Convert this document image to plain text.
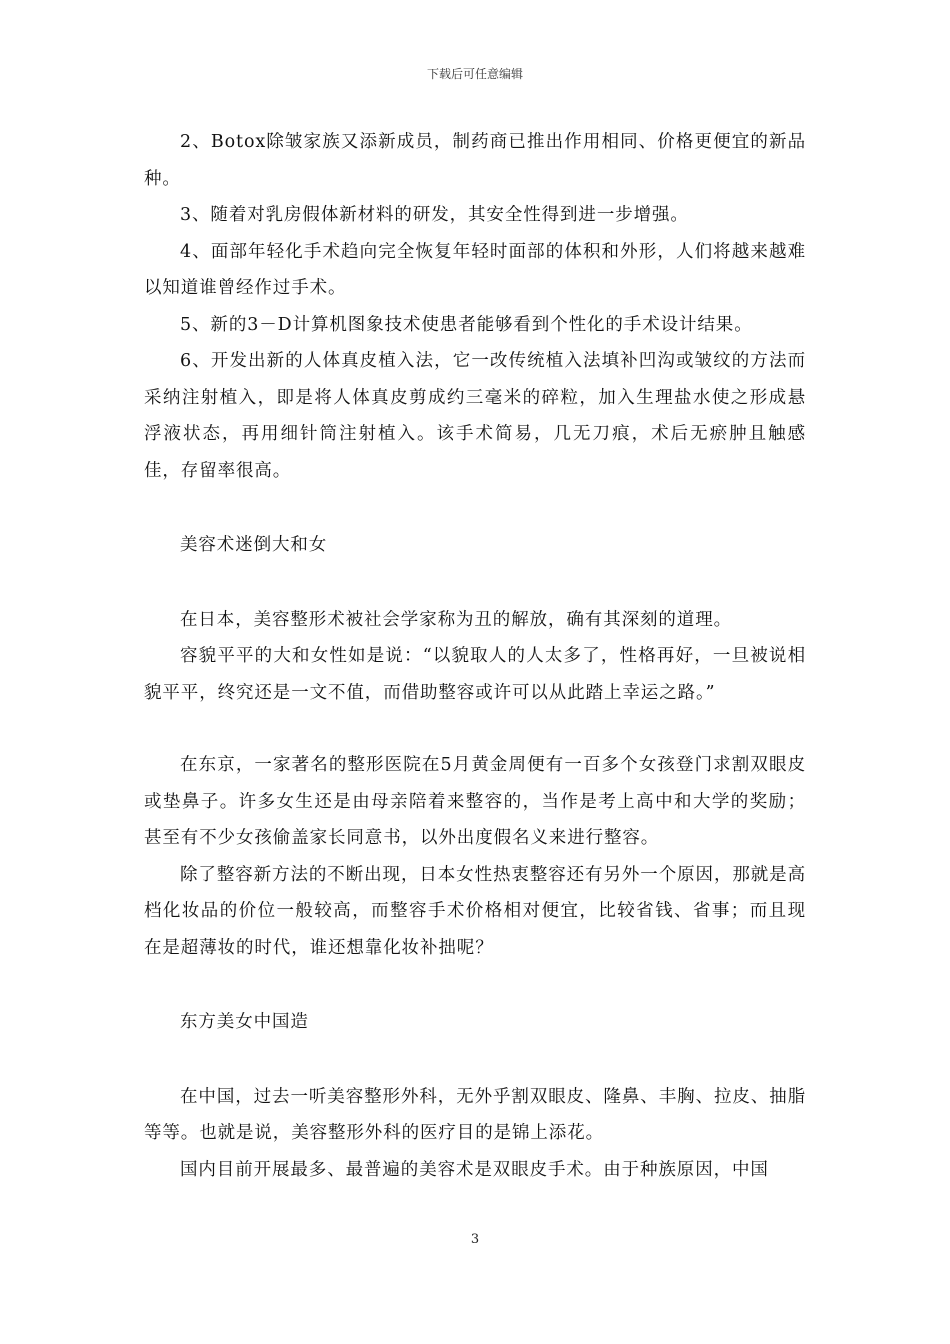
下载后可任意编辑

2、Botox除皱家族又添新成员，制药商已推出作用相同、价格更便宜的新品种。

3、随着对乳房假体新材料的研发，其安全性得到进一步增强。

4、面部年轻化手术趋向完全恢复年轻时面部的体积和外形，人们将越来越难以知道谁曾经作过手术。

5、新的3－D计算机图象技术使患者能够看到个性化的手术设计结果。

6、开发出新的人体真皮植入法，它一改传统植入法填补凹沟或皱纹的方法而采纳注射植入，即是将人体真皮剪成约三毫米的碎粒，加入生理盐水使之形成悬浮液状态，再用细针筒注射植入。该手术简易，几无刀痕，术后无瘀肿且触感佳，存留率很高。

美容术迷倒大和女

在日本，美容整形术被社会学家称为丑的解放，确有其深刻的道理。

容貌平平的大和女性如是说：“以貌取人的人太多了，性格再好，一旦被说相貌平平，终究还是一文不值，而借助整容或许可以从此踏上幸运之路。”

在东京，一家著名的整形医院在5月黄金周便有一百多个女孩登门求割双眼皮或垫鼻子。许多女生还是由母亲陪着来整容的，当作是考上高中和大学的奖励；甚至有不少女孩偷盖家长同意书，以外出度假名义来进行整容。

除了整容新方法的不断出现，日本女性热衷整容还有另外一个原因，那就是高档化妆品的价位一般较高，而整容手术价格相对便宜，比较省钱、省事；而且现在是超薄妆的时代，谁还想靠化妆补拙呢？

东方美女中国造

在中国，过去一听美容整形外科，无外乎割双眼皮、隆鼻、丰胸、拉皮、抽脂等等。也就是说，美容整形外科的医疗目的是锦上添花。

国内目前开展最多、最普遍的美容术是双眼皮手术。由于种族原因，中国

3
